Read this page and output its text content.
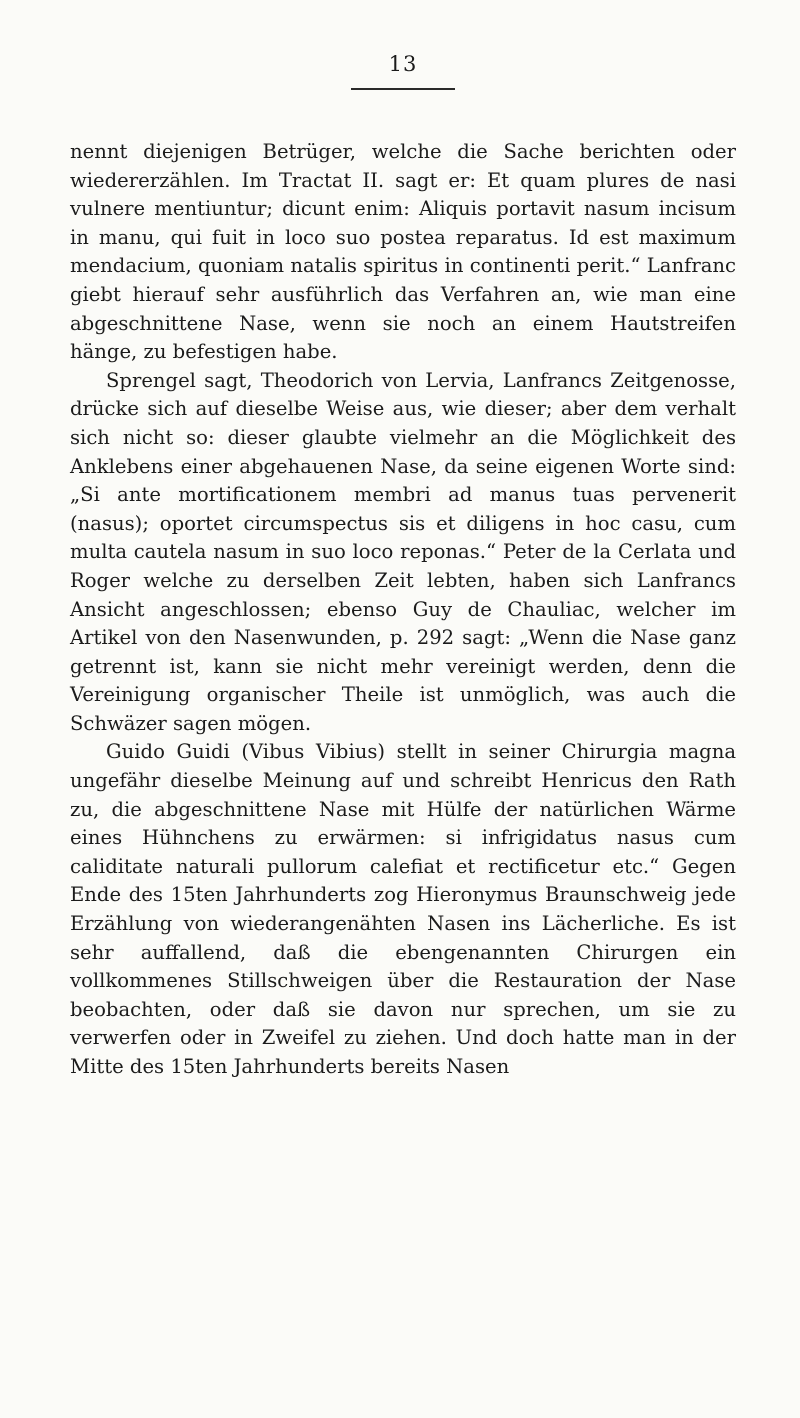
13

nennt diejenigen Betrüger, welche die Sache berichten oder wiedererzählen. Im Tractat II. sagt er: Et quam plures de nasi vulnere mentiuntur; dicunt enim: Aliquis portavit nasum incisum in manu, qui fuit in loco suo postea reparatus. Id est maximum mendacium, quoniam natalis spiritus in continenti perit.“ Lanfranc giebt hierauf sehr ausführlich das Verfahren an, wie man eine abgeschnittene Nase, wenn sie noch an einem Hautstreifen hänge, zu befestigen habe.

Sprengel sagt, Theodorich von Lervia, Lanfrancs Zeitgenosse, drücke sich auf dieselbe Weise aus, wie dieser; aber dem verhalt sich nicht so: dieser glaubte vielmehr an die Möglichkeit des Anklebens einer abgehauenen Nase, da seine eigenen Worte sind: „Si ante mortificationem membri ad manus tuas pervenerit (nasus); oportet circumspectus sis et diligens in hoc casu, cum multa cautela nasum in suo loco reponas.“ Peter de la Cerlata und Roger welche zu derselben Zeit lebten, haben sich Lanfrancs Ansicht angeschlossen; ebenso Guy de Chauliac, welcher im Artikel von den Nasenwunden, p. 292 sagt: „Wenn die Nase ganz getrennt ist, kann sie nicht mehr vereinigt werden, denn die Vereinigung organischer Theile ist unmöglich, was auch die Schwäzer sagen mögen.

Guido Guidi (Vibus Vibius) stellt in seiner Chirurgia magna ungefähr dieselbe Meinung auf und schreibt Henricus den Rath zu, die abgeschnittene Nase mit Hülfe der natürlichen Wärme eines Hühnchens zu erwärmen: si infrigidatus nasus cum caliditate naturali pullorum calefiat et rectificetur etc.“ Gegen Ende des 15ten Jahrhunderts zog Hieronymus Braunschweig jede Erzählung von wiederangenähten Nasen ins Lächerliche. Es ist sehr auffallend, daß die ebengenannten Chirurgen ein vollkommenes Stillschweigen über die Restauration der Nase beobachten, oder daß sie davon nur sprechen, um sie zu verwerfen oder in Zweifel zu ziehen. Und doch hatte man in der Mitte des 15ten Jahrhunderts bereits Nasen
